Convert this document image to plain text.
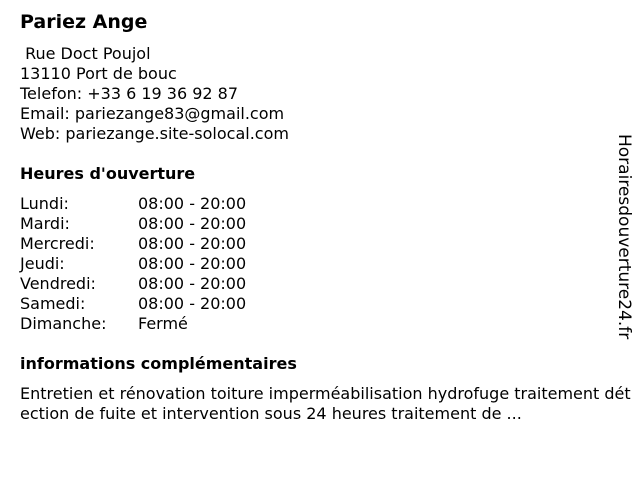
Pariez Ange
Rue Doct Poujol
13110 Port de bouc
Telefon: +33 6 19 36 92 87
Email: pariezange83@gmail.com
Web: pariezange.site-solocal.com
Heures d'ouverture
Lundi:	08:00 - 20:00
Mardi:	08:00 - 20:00
Mercredi:	08:00 - 20:00
Jeudi:	08:00 - 20:00
Vendredi:	08:00 - 20:00
Samedi:	08:00 - 20:00
Dimanche: Fermé
informations complémentaires
Entretien et rénovation toiture imperméabilisation hydrofuge traitement détection de fuite et intervention sous 24 heures traitement de ...
Horairesdouverture24.fr
